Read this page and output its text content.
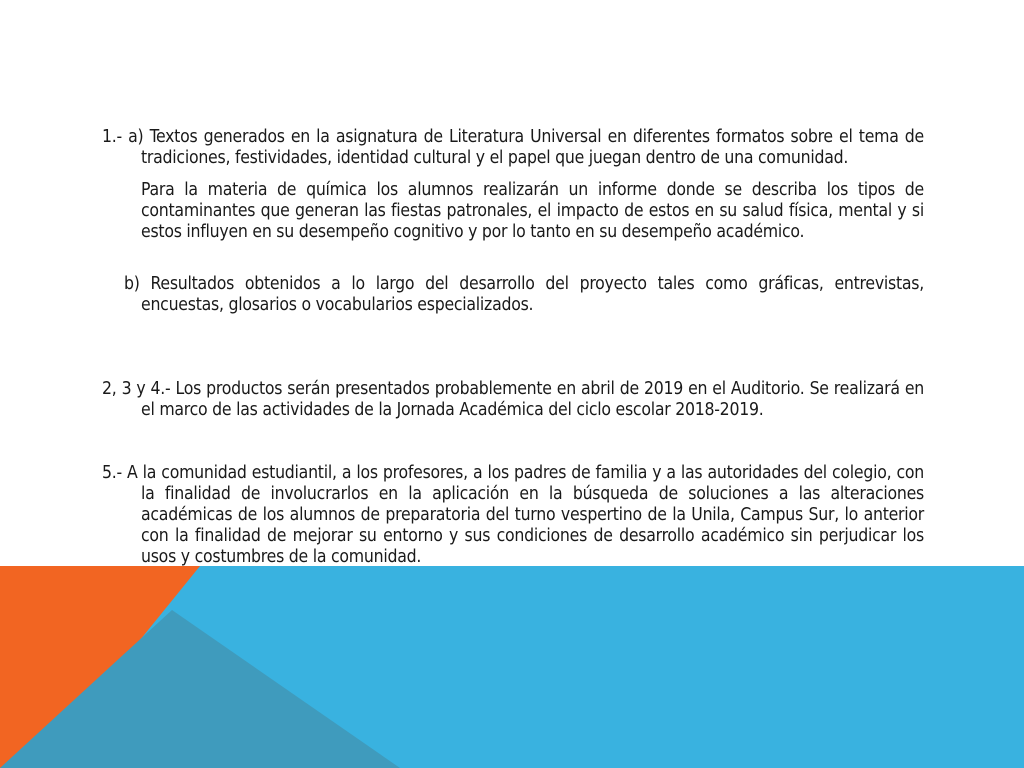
1.- a) Textos generados en la asignatura de Literatura Universal en diferentes formatos sobre el tema de tradiciones, festividades, identidad cultural y el papel que juegan dentro de una comunidad.

Para la materia de química los alumnos realizarán un informe donde se describa los tipos de contaminantes que generan las fiestas patronales, el impacto de estos en su salud física, mental y si estos influyen en su desempeño cognitivo y por lo tanto en su desempeño académico.

b) Resultados obtenidos a lo largo del desarrollo del proyecto tales como gráficas, entrevistas, encuestas, glosarios o vocabularios especializados.

2, 3 y 4.- Los productos serán presentados probablemente en abril de 2019 en el Auditorio. Se realizará en el marco de las actividades de la Jornada Académica del ciclo escolar 2018-2019.

5.- A la comunidad estudiantil, a los profesores, a los padres de familia y a las autoridades del colegio, con la finalidad de involucrarlos en la aplicación en la búsqueda de soluciones a las alteraciones académicas de los alumnos de preparatoria del turno vespertino de la Unila, Campus Sur, lo anterior con la finalidad de mejorar su entorno y sus condiciones de desarrollo académico sin perjudicar los usos y costumbres de la comunidad.
